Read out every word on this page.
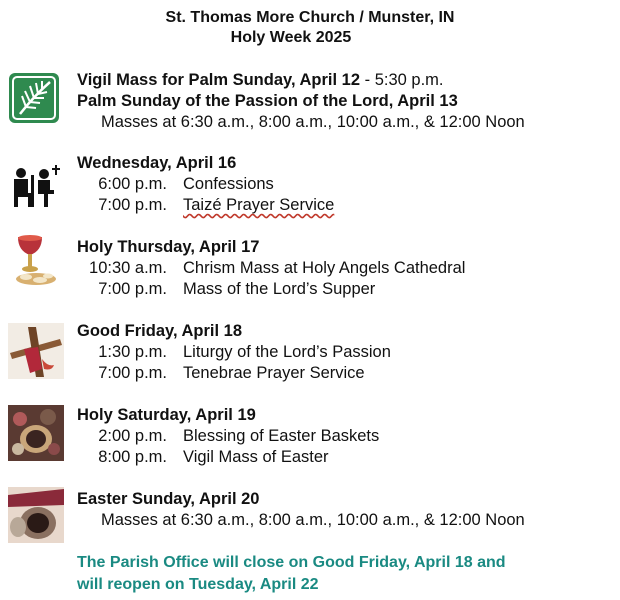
St. Thomas More Church / Munster, IN
Holy Week 2025
Vigil Mass for Palm Sunday, April 12 - 5:30 p.m.
Palm Sunday of the Passion of the Lord, April 13
Masses at 6:30 a.m., 8:00 a.m., 10:00 a.m., & 12:00 Noon
Wednesday, April 16
6:00 p.m. Confessions
7:00 p.m. Taizé Prayer Service
Holy Thursday, April 17
10:30 a.m. Chrism Mass at Holy Angels Cathedral
7:00 p.m. Mass of the Lord’s Supper
Good Friday, April 18
1:30 p.m. Liturgy of the Lord’s Passion
7:00 p.m. Tenebrae Prayer Service
Holy Saturday, April 19
2:00 p.m. Blessing of Easter Baskets
8:00 p.m. Vigil Mass of Easter
Easter Sunday, April 20
Masses at 6:30 a.m., 8:00 a.m., 10:00 a.m., & 12:00 Noon
The Parish Office will close on Good Friday, April 18 and
will reopen on Tuesday, April 22
